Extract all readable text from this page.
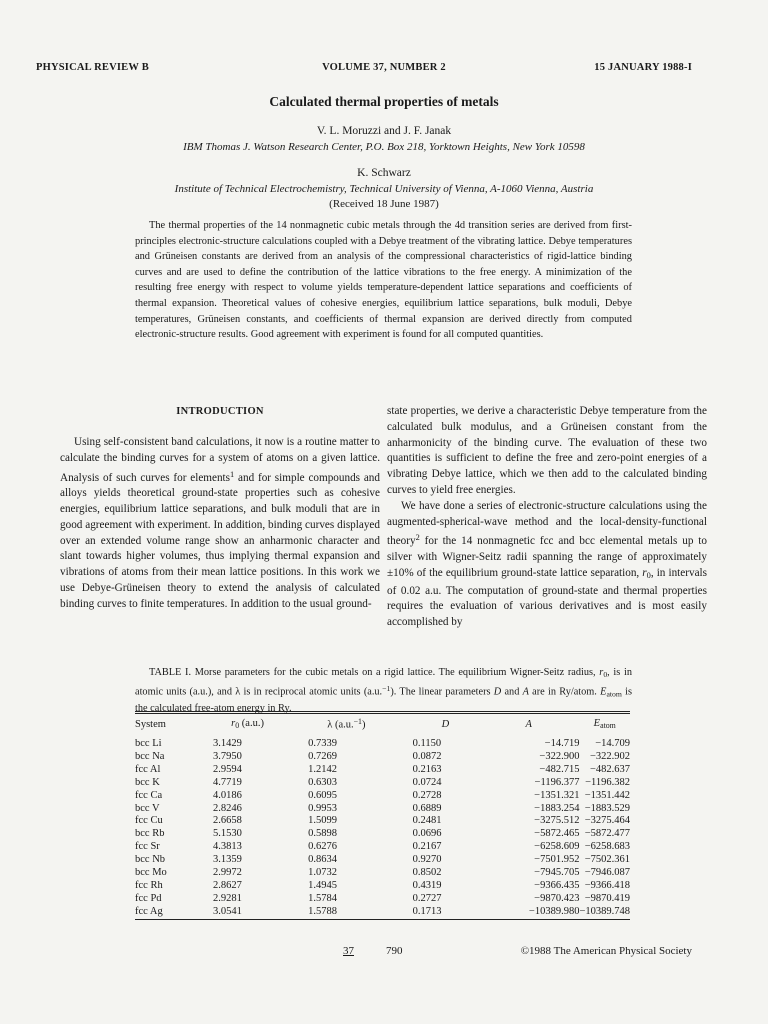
PHYSICAL REVIEW B	VOLUME 37, NUMBER 2	15 JANUARY 1988-I
Calculated thermal properties of metals
V. L. Moruzzi and J. F. Janak
IBM Thomas J. Watson Research Center, P.O. Box 218, Yorktown Heights, New York 10598
K. Schwarz
Institute of Technical Electrochemistry, Technical University of Vienna, A-1060 Vienna, Austria
(Received 18 June 1987)

The thermal properties of the 14 nonmagnetic cubic metals through the 4d transition series are derived from first-principles electronic-structure calculations coupled with a Debye treatment of the vibrating lattice. Debye temperatures and Grüneisen constants are derived from an analysis of the compressional characteristics of rigid-lattice binding curves and are used to define the contribution of the lattice vibrations to the free energy. A minimization of the resulting free energy with respect to volume yields temperature-dependent lattice separations and coefficients of thermal expansion. Theoretical values of cohesive energies, equilibrium lattice separations, bulk moduli, Debye temperatures, Grüneisen constants, and coefficients of thermal expansion are derived directly from computed electronic-structure results. Good agreement with experiment is found for all computed quantities.

INTRODUCTION

Using self-consistent band calculations, it now is a routine matter to calculate the binding curves for a system of atoms on a given lattice. Analysis of such curves for elements$^1$ and for simple compounds and alloys yields theoretical ground-state properties such as cohesive energies, equilibrium lattice separations, and bulk moduli that are in good agreement with experiment. In addition, binding curves displayed over an extended volume range show an anharmonic character and slant towards higher volumes, thus implying thermal expansion and vibrations of atoms from their mean lattice positions. In this work we use Debye-Grüneisen theory to extend the analysis of calculated binding curves to finite temperatures. In addition to the usual ground-

state properties, we derive a characteristic Debye temperature from the calculated bulk modulus, and a Grüneisen constant from the anharmonicity of the binding curve. The evaluation of these two quantities is sufficient to define the free and zero-point energies of a vibrating Debye lattice, which we then add to the calculated binding curves to yield free energies.

We have done a series of electronic-structure calculations using the augmented-spherical-wave method and the local-density-functional theory$^2$ for the 14 nonmagnetic fcc and bcc elemental metals up to silver with Wigner-Seitz radii spanning the range of approximately ±10% of the equilibrium ground-state lattice separation, $r_0$, in intervals of 0.02 a.u. The computation of ground-state and thermal properties requires the evaluation of various derivatives and is most easily accomplished by

TABLE I. Morse parameters for the cubic metals on a rigid lattice. The equilibrium Wigner-Seitz radius, $r_0$, is in atomic units (a.u.), and λ is in reciprocal atomic units (a.u.$^{-1}$). The linear parameters D and A are in Ry/atom. $E_{atom}$ is the calculated free-atom energy in Ry.

System	$r_0$ (a.u.)	λ (a.u.$^{-1}$)	D	A	$E_{atom}$
bcc Li	3.1429	0.7339	0.1150	−14.719	−14.709
bcc Na	3.7950	0.7269	0.0872	−322.900	−322.902
fcc Al	2.9594	1.2142	0.2163	−482.715	−482.637
bcc K	4.7719	0.6303	0.0724	−1196.377	−1196.382
fcc Ca	4.0186	0.6095	0.2728	−1351.321	−1351.442
bcc V	2.8246	0.9953	0.6889	−1883.254	−1883.529
fcc Cu	2.6658	1.5099	0.2481	−3275.512	−3275.464
bcc Rb	5.1530	0.5898	0.0696	−5872.465	−5872.477
fcc Sr	4.3813	0.6276	0.2167	−6258.609	−6258.683
bcc Nb	3.1359	0.8634	0.9270	−7501.952	−7502.361
bcc Mo	2.9972	1.0732	0.8502	−7945.705	−7946.087
fcc Rh	2.8627	1.4945	0.4319	−9366.435	−9366.418
fcc Pd	2.9281	1.5784	0.2727	−9870.423	−9870.419
fcc Ag	3.0541	1.5788	0.1713	−10389.980	−10389.748
37	790	©1988 The American Physical Society
